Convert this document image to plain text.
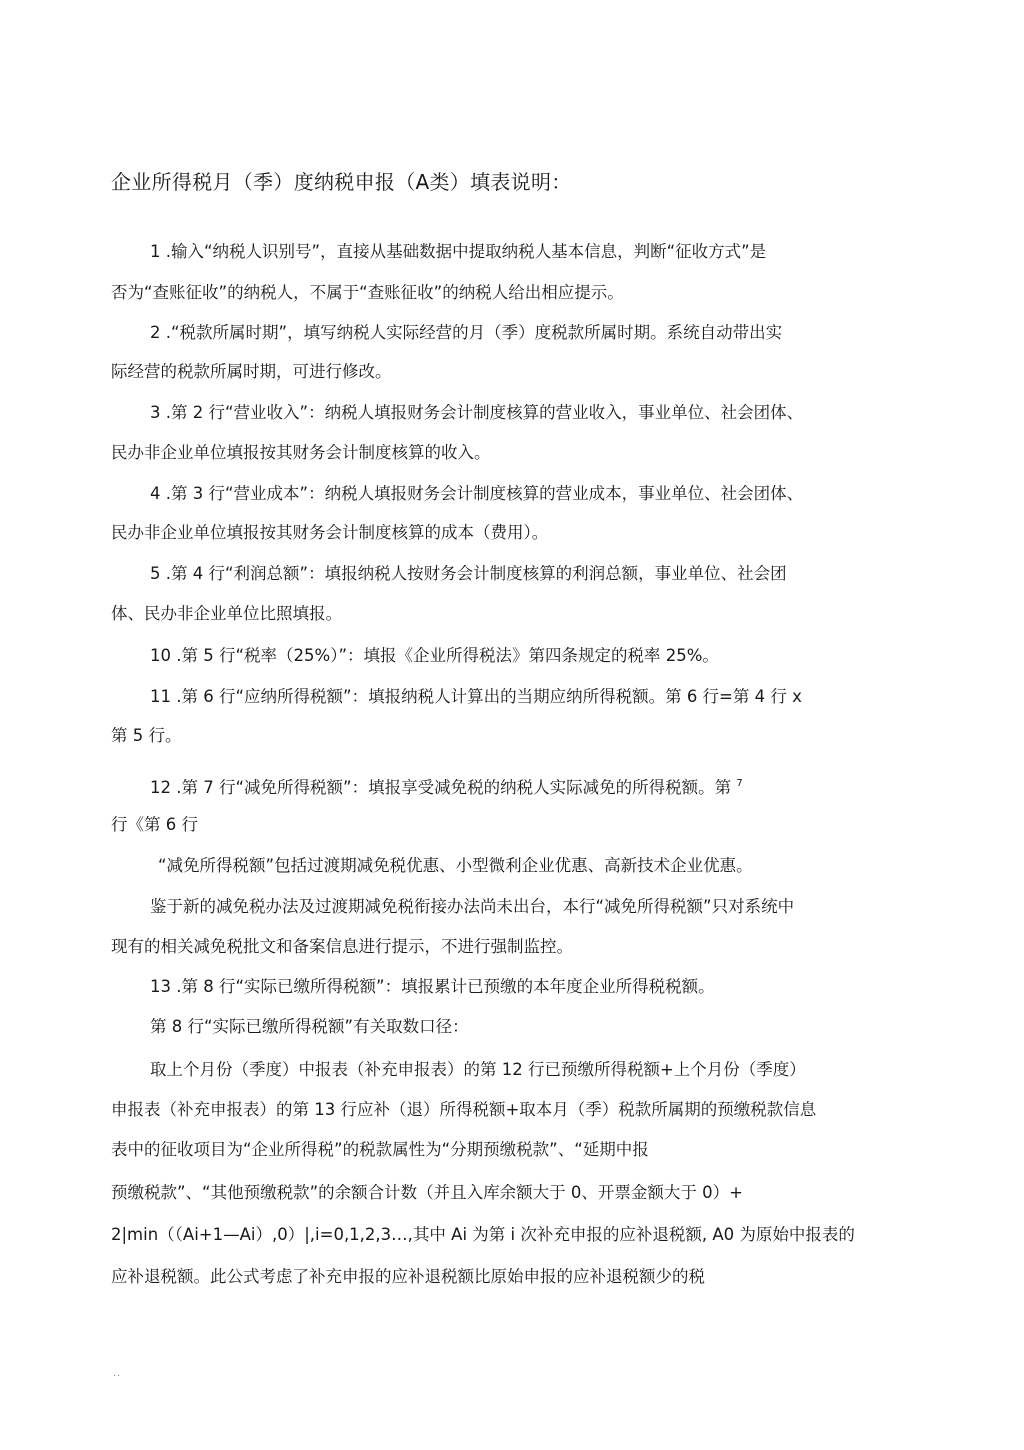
企业所得税月（季）度纳税申报（A类）填表说明：
1 .输入“纳税人识别号”，直接从基础数据中提取纳税人基本信息，判断“征收方式”是
否为“查账征收”的纳税人，不属于“查账征收”的纳税人给出相应提示。
2 .“税款所属时期”，填写纳税人实际经营的月（季）度税款所属时期。系统自动带出实
际经营的税款所属时期，可进行修改。
3 .第 2 行“营业收入”：纳税人填报财务会计制度核算的营业收入，事业单位、社会团体、
民办非企业单位填报按其财务会计制度核算的收入。
4 .第 3 行“营业成本”：纳税人填报财务会计制度核算的营业成本，事业单位、社会团体、
民办非企业单位填报按其财务会计制度核算的成本（费用）。
5 .第 4 行“利润总额”：填报纳税人按财务会计制度核算的利润总额，事业单位、社会团
体、民办非企业单位比照填报。
10 .第 5 行“税率（25%）”：填报《企业所得税法》第四条规定的税率 25%。
11 .第 6 行“应纳所得税额”：填报纳税人计算出的当期应纳所得税额。第 6 行=第 4 行 x
第 5 行。
12 .第 7 行“减免所得税额”：填报享受减免税的纳税人实际减免的所得税额。第 $^7$
行《第 6 行
“减免所得税额”包括过渡期减免税优惠、小型微利企业优惠、高新技术企业优惠。
鉴于新的减免税办法及过渡期减免税衔接办法尚未出台，本行“减免所得税额”只对系统中
现有的相关减免税批文和备案信息进行提示，不进行强制监控。
13 .第 8 行“实际已缴所得税额”：填报累计已预缴的本年度企业所得税税额。
第 8 行“实际已缴所得税额”有关取数口径：
取上个月份（季度）中报表（补充申报表）的第 12 行已预缴所得税额+上个月份（季度）
申报表（补充申报表）的第 13 行应补（退）所得税额+取本月（季）税款所属期的预缴税款信息
表中的征收项目为“企业所得税”的税款属性为“分期预缴税款”、“延期中报
预缴税款”、“其他预缴税款”的余额合计数（并且入库余额大于 0、开票金额大于 0）+
2|min（（Ai+1—Ai）,0）|,i=0,1,2,3…,其中 Ai 为第 i 次补充申报的应补退税额, A0 为原始中报表的
应补退税额。此公式考虑了补充申报的应补退税额比原始申报的应补退税额少的税
..
